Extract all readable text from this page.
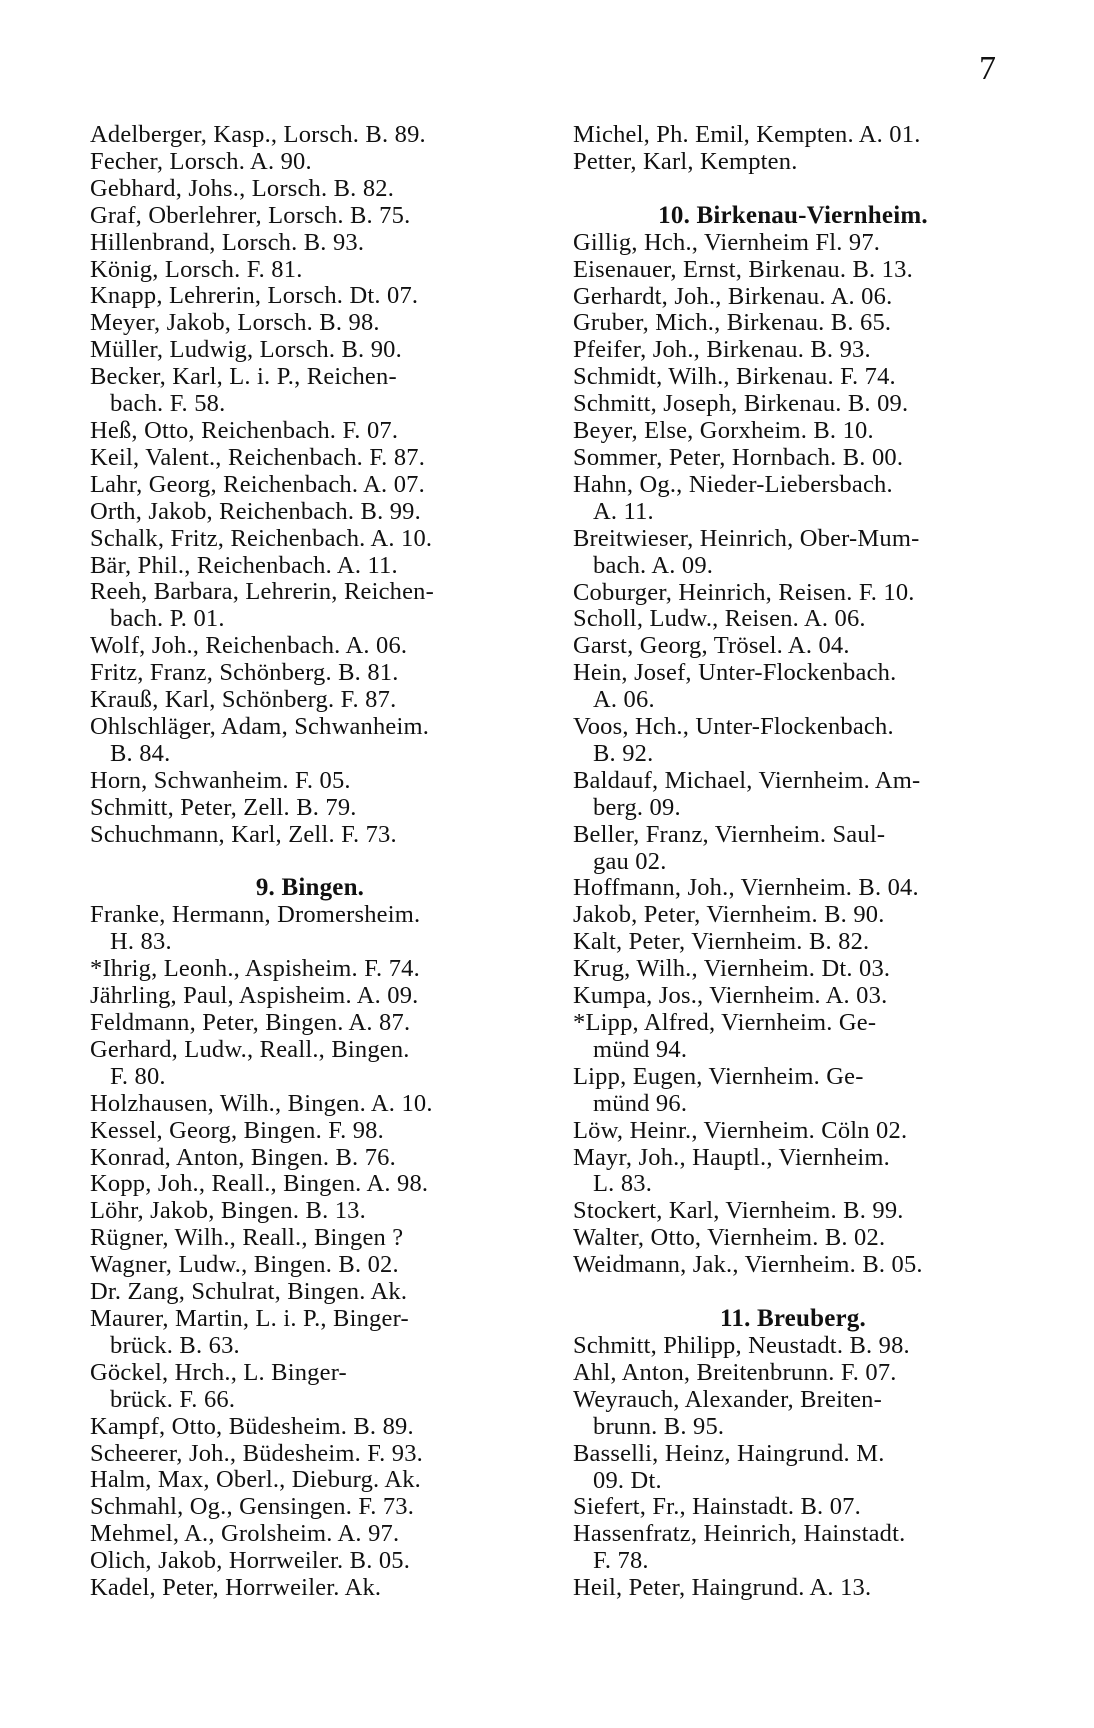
7
Adelberger, Kasp., Lorsch. B. 89.
Fecher, Lorsch. A. 90.
Gebhard, Johs., Lorsch. B. 82.
Graf, Oberlehrer, Lorsch. B. 75.
Hillenbrand, Lorsch. B. 93.
König, Lorsch. F. 81.
Knapp, Lehrerin, Lorsch. Dt. 07.
Meyer, Jakob, Lorsch. B. 98.
Müller, Ludwig, Lorsch. B. 90.
Becker, Karl, L. i. P., Reichen-
bach. F. 58.
Heß, Otto, Reichenbach. F. 07.
Keil, Valent., Reichenbach. F. 87.
Lahr, Georg, Reichenbach. A. 07.
Orth, Jakob, Reichenbach. B. 99.
Schalk, Fritz, Reichenbach. A. 10.
Bär, Phil., Reichenbach. A. 11.
Reeh, Barbara, Lehrerin, Reichen-
bach. P. 01.
Wolf, Joh., Reichenbach. A. 06.
Fritz, Franz, Schönberg. B. 81.
Krauß, Karl, Schönberg. F. 87.
Ohlschläger, Adam, Schwanheim.
B. 84.
Horn, Schwanheim. F. 05.
Schmitt, Peter, Zell. B. 79.
Schuchmann, Karl, Zell. F. 73.
9. Bingen.
Franke, Hermann, Dromersheim.
H. 83.
*Ihrig, Leonh., Aspisheim. F. 74.
Jährling, Paul, Aspisheim. A. 09.
Feldmann, Peter, Bingen. A. 87.
Gerhard, Ludw., Reall., Bingen.
F. 80.
Holzhausen, Wilh., Bingen. A. 10.
Kessel, Georg, Bingen. F. 98.
Konrad, Anton, Bingen. B. 76.
Kopp, Joh., Reall., Bingen. A. 98.
Löhr, Jakob, Bingen. B. 13.
Rügner, Wilh., Reall., Bingen ?
Wagner, Ludw., Bingen. B. 02.
Dr. Zang, Schulrat, Bingen. Ak.
Maurer, Martin, L. i. P., Binger-
brück. B. 63.
Göckel, Hrch., L. Binger-
brück. F. 66.
Kampf, Otto, Büdesheim. B. 89.
Scheerer, Joh., Büdesheim. F. 93.
Halm, Max, Oberl., Dieburg. Ak.
Schmahl, Og., Gensingen. F. 73.
Mehmel, A., Grolsheim. A. 97.
Olich, Jakob, Horrweiler. B. 05.
Kadel, Peter, Horrweiler. Ak.
Michel, Ph. Emil, Kempten. A. 01.
Petter, Karl, Kempten.
10. Birkenau-Viernheim.
Gillig, Hch., Viernheim Fl. 97.
Eisenauer, Ernst, Birkenau. B. 13.
Gerhardt, Joh., Birkenau. A. 06.
Gruber, Mich., Birkenau. B. 65.
Pfeifer, Joh., Birkenau. B. 93.
Schmidt, Wilh., Birkenau. F. 74.
Schmitt, Joseph, Birkenau. B. 09.
Beyer, Else, Gorxheim. B. 10.
Sommer, Peter, Hornbach. B. 00.
Hahn, Og., Nieder-Liebersbach.
A. 11.
Breitwieser, Heinrich, Ober-Mum-
bach. A. 09.
Coburger, Heinrich, Reisen. F. 10.
Scholl, Ludw., Reisen. A. 06.
Garst, Georg, Trösel. A. 04.
Hein, Josef, Unter-Flockenbach.
A. 06.
Voos, Hch., Unter-Flockenbach.
B. 92.
Baldauf, Michael, Viernheim. Am-
berg. 09.
Beller, Franz, Viernheim. Saul-
gau 02.
Hoffmann, Joh., Viernheim. B. 04.
Jakob, Peter, Viernheim. B. 90.
Kalt, Peter, Viernheim. B. 82.
Krug, Wilh., Viernheim. Dt. 03.
Kumpa, Jos., Viernheim. A. 03.
*Lipp, Alfred, Viernheim. Ge-
münd 94.
Lipp, Eugen, Viernheim. Ge-
münd 96.
Löw, Heinr., Viernheim. Cöln 02.
Mayr, Joh., Hauptl., Viernheim.
L. 83.
Stockert, Karl, Viernheim. B. 99.
Walter, Otto, Viernheim. B. 02.
Weidmann, Jak., Viernheim. B. 05.
11. Breuberg.
Schmitt, Philipp, Neustadt. B. 98.
Ahl, Anton, Breitenbrunn. F. 07.
Weyrauch, Alexander, Breiten-
brunn. B. 95.
Basselli, Heinz, Haingrund. M.
09. Dt.
Siefert, Fr., Hainstadt. B. 07.
Hassenfratz, Heinrich, Hainstadt.
F. 78.
Heil, Peter, Haingrund. A. 13.
